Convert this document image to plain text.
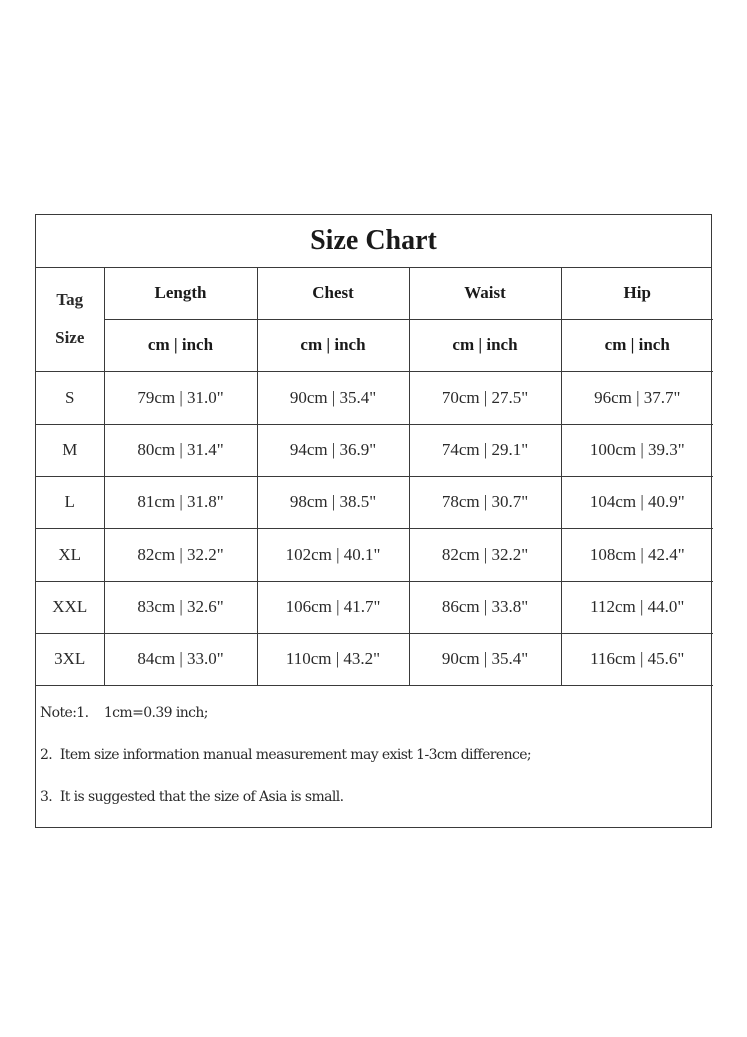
Size Chart
Tag
Size	Length	Chest	Waist	Hip
	cm | inch	cm | inch	cm | inch	cm | inch
S	79cm | 31.0"	90cm | 35.4"	70cm | 27.5"	96cm | 37.7"
M	80cm | 31.4"	94cm | 36.9"	74cm | 29.1"	100cm | 39.3"
L	81cm | 31.8"	98cm | 38.5"	78cm | 30.7"	104cm | 40.9"
XL	82cm | 32.2"	102cm | 40.1"	82cm | 32.2"	108cm | 42.4"
XXL	83cm | 32.6"	106cm | 41.7"	86cm | 33.8"	112cm | 44.0"
3XL	84cm | 33.0"	110cm | 43.2"	90cm | 35.4"	116cm | 45.6"
Note:1.    1cm=0.39 inch;
2.  Item size information manual measurement may exist 1-3cm difference;
3.  It is suggested that the size of Asia is small.
